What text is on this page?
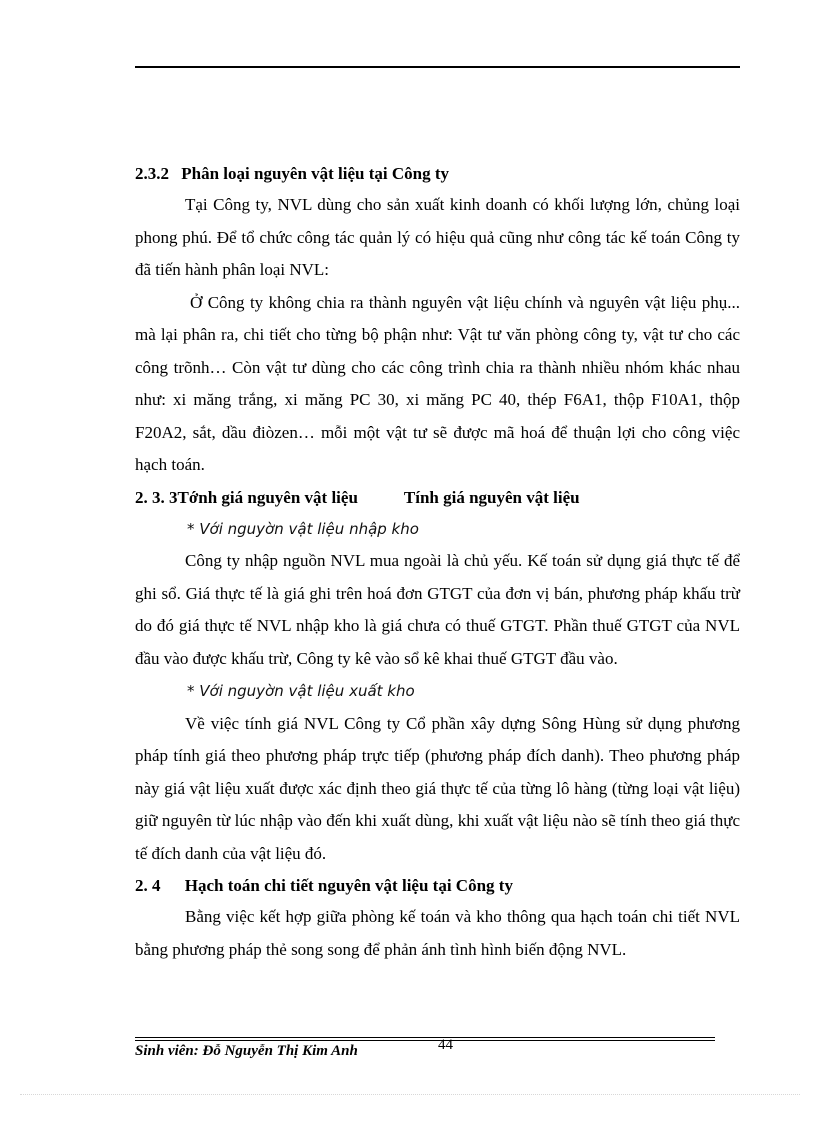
2.3.2 Phân loại nguyên vật liệu tại Công ty

Tại Công ty, NVL dùng cho sản xuất kinh doanh có khối lượng lớn, chủng loại phong phú. Để tổ chức công tác quản lý có hiệu quả cũng như công tác kế toán Công ty đã tiến hành phân loại NVL:

Ở Công ty không chia ra thành nguyên vật liệu chính và nguyên vật liệu phụ... mà lại phân ra, chi tiết cho từng bộ phận như: Vật tư văn phòng công ty, vật tư cho các công trõnh… Còn vật tư dùng cho các công trình chia ra thành nhiều nhóm khác nhau như: xi măng trắng, xi măng PC 30, xi măng PC 40, thép F6A1, thộp F10A1, thộp F20A2, sắt, dầu điòzen… mỗi một vật tư sẽ được mã hoá để thuận lợi cho công việc hạch toán.

2. 3. 3Tớnh giá nguyên vật liệu	Tính giá nguyên vật liệu
* Với nguyờn vật liệu nhập kho

Công ty nhập nguồn NVL mua ngoài là chủ yếu. Kế toán sử dụng giá thực tế để ghi sổ. Giá thực tế là giá ghi trên hoá đơn GTGT của đơn vị bán, phương pháp khấu trừ do đó giá thực tế NVL nhập kho là giá chưa có thuế GTGT. Phần thuế GTGT của NVL đầu vào được khấu trừ, Công ty kê vào sổ kê khai thuế GTGT đầu vào.

* Với nguyờn vật liệu xuất kho

Về việc tính giá NVL Công ty Cổ phần xây dựng Sông Hùng sử dụng phương pháp tính giá theo phương pháp trực tiếp (phương pháp đích danh). Theo phương pháp này giá vật liệu xuất được xác định theo giá thực tế của từng lô hàng (từng loại vật liệu) giữ nguyên từ lúc nhập vào đến khi xuất dùng, khi xuất vật liệu nào sẽ tính theo giá thực tế đích danh của vật liệu đó.

2. 4 Hạch toán chi tiết nguyên vật liệu tại Công ty

Bằng việc kết hợp giữa phòng kế toán và kho thông qua hạch toán chi tiết NVL bằng phương pháp thẻ song song để phản ánh tình hình biến động NVL.

Sinh viên: Đỗ Nguyễn Thị Kim Anh	44
